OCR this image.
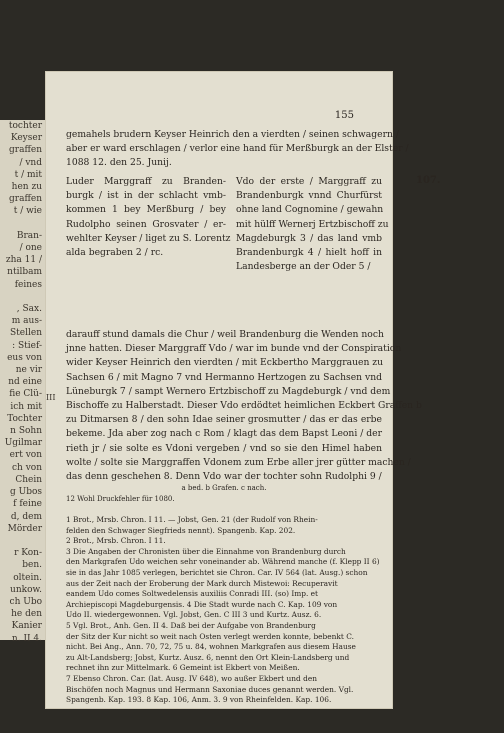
tochter
Keyser
graffen
/ vnd
t / mit
hen zu
graffen
t / wie

Bran-
/ one
zha 11 /
ntilbam
feines

, Sax.
m aus-
Stellen
: Stief-
eus von
ne vir
nd eine
fie Clü-
ich mit
Tochter
n Sohn
Ugilmar
ert von
ch von
Chein
g Ubos
f feine
d, dem
Mörder

r Kon-
ben.
oltein.
unkow.
ch Ubo
he den
Kanier
n. II 4.
155
107.
III
gemahels brudern Keyser Heinrich den a vierdten / seinen schwagern /
aber er ward erschlagen / verlor eine hand für Merßburgk an der Elster /
1088 12. den 25. Junij.
Luder Marggraff zu Branden-
burgk / ist in der schlacht vmb-
kommen 1 bey Merßburg / bey
Rudolpho seinen Grosvater / er-
wehlter Keyser / liget zu S. Lorentz
alda begraben 2 / rc.
Vdo der erste / Marggraff zu
Brandenburgk vnnd Churfürst
ohne land Cognomine / gewahn
mit hülff Wernerj Ertzbischoff zu
Magdeburgk 3 / das land vmb
Brandenburgk 4 / hielt hoff in
Landesberge an der Oder 5 /
darauff stund damals die Chur / weil Brandenburg die Wenden noch
jnne hatten. Dieser Marggraff Vdo / war im bunde vnd der Conspiration
wider Keyser Heinrich den vierdten / mit Eckbertho Marggrauen zu
Sachsen 6 / mit Magno 7 vnd Hermanno Hertzogen zu Sachsen vnd
Lüneburgk 7 / sampt Wernero Ertzbischoff zu Magdeburgk / vnd dem
Bischoffe zu Halberstadt. Dieser Vdo erdödtet heimlichen Eckbert Graffen b
zu Ditmarsen 8 / den sohn Idae seiner grosmutter / das er das erbe
bekeme. Jda aber zog nach c Rom / klagt das dem Bapst Leoni / der
rieth jr / sie solte es Vdoni vergeben / vnd so sie den Himel haben
wolte / solte sie Marggraffen Vdonem zum Erbe aller jrer gütter machen /
das denn geschehen 8. Denn Vdo war der tochter sohn Rudolphi 9 /
a bed. b Grafen. c nach.
12 Wohl Druckfehler für 1080.
1 Brot., Mrsb. Chron. I 11. — Jobst, Gen. 21 (der Rudolf von Rhein-
felden den Schwager Siegfrieds nennt). Spangenb. Kap. 202.
2 Brot., Mrsb. Chron. I 11.
3 Die Angaben der Chronisten über die Einnahme von Brandenburg durch
den Markgrafen Udo weichen sehr voneinander ab. Während manche (f. Klepp II 6)
sie in das Jahr 1085 verlegen, berichtet sie Chron. Car. IV 564 (lat. Ausg.) schon
aus der Zeit nach der Eroberung der Mark durch Mistewoi: Recuperavit
eandem Udo comes Soltwedelensis auxiliis Conradi III. (so) Imp. et
Archiepiscopi Magdeburgensis. 4 Die Stadt wurde nach C. Kap. 109 von
Udo II. wiedergewonnen. Vgl. Jobst, Gen. C III 3 und Kurtz. Ausz. 6.
5 Vgl. Brot., Anh. Gen. II 4. Daß bei der Aufgabe von Brandenburg
der Sitz der Kur nicht so weit nach Osten verlegt werden konnte, bebenkt C.
nicht. Bei Ang., Ann. 70, 72, 75 u. 84, wohnen Markgrafen aus diesem Hause
zu Alt-Landsberg; Jobst, Kurtz. Ausz. 6, nennt den Ort Klein-Landsberg und
rechnet ihn zur Mittelmark. 6 Gemeint ist Ekbert von Meißen.
7 Ebenso Chron. Car. (lat. Ausg. IV 648), wo außer Ekbert und den
Bischöfen noch Magnus und Hermann Saxoniae duces genannt werden. Vgl.
Spangenb. Kap. 193. 8 Kap. 106, Anm. 3. 9 von Rheinfelden. Kap. 106.
